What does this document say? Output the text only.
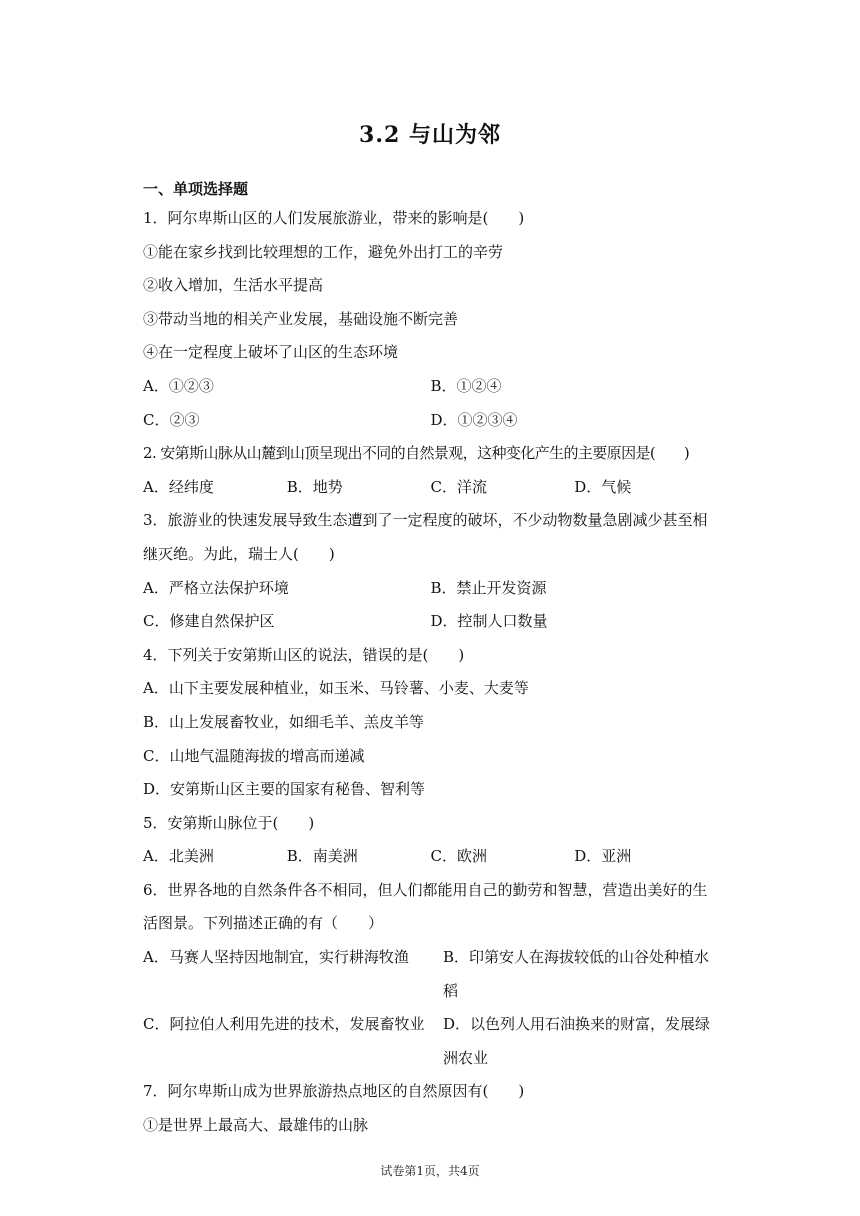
3.2 与山为邻
一、单项选择题
1．阿尔卑斯山区的人们发展旅游业，带来的影响是(　　)
①能在家乡找到比较理想的工作，避免外出打工的辛劳
②收入增加，生活水平提高
③带动当地的相关产业发展，基础设施不断完善
④在一定程度上破坏了山区的生态环境
A．①②③	B．①②④
C．②③	D．①②③④
2. 安第斯山脉从山麓到山顶呈现出不同的自然景观，这种变化产生的主要原因是(　　)
A．经纬度	B．地势	C．洋流	D．气候
3．旅游业的快速发展导致生态遭到了一定程度的破坏，不少动物数量急剧减少甚至相继灭绝。为此，瑞士人(　　)
A．严格立法保护环境	B．禁止开发资源
C．修建自然保护区	D．控制人口数量
4．下列关于安第斯山区的说法，错误的是(　　)
A．山下主要发展种植业，如玉米、马铃薯、小麦、大麦等
B．山上发展畜牧业，如细毛羊、羔皮羊等
C．山地气温随海拔的增高而递减
D．安第斯山区主要的国家有秘鲁、智利等
5．安第斯山脉位于(　　)
A．北美洲	B．南美洲	C．欧洲	D．亚洲
6．世界各地的自然条件各不相同，但人们都能用自己的勤劳和智慧，营造出美好的生活图景。下列描述正确的有（　　）
A．马赛人坚持因地制宜，实行耕海牧渔	B．印第安人在海拔较低的山谷处种植水稻
C．阿拉伯人利用先进的技术，发展畜牧业	D．以色列人用石油换来的财富，发展绿洲农业
7．阿尔卑斯山成为世界旅游热点地区的自然原因有(　　)
①是世界上最高大、最雄伟的山脉
试卷第1页，共4页
